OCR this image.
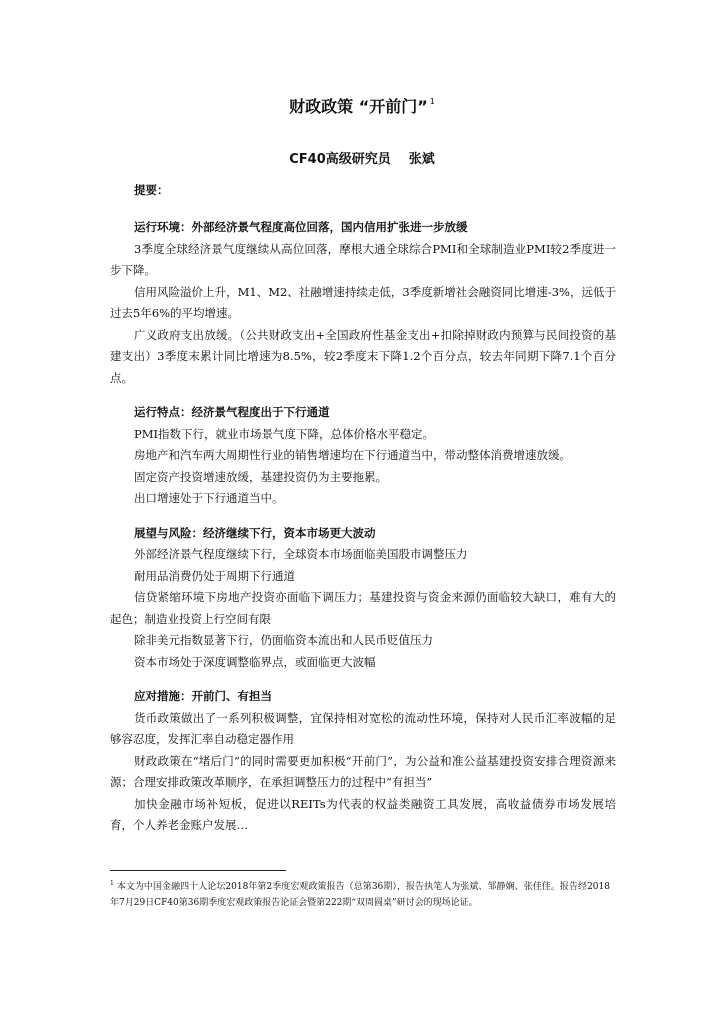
财政政策 “开前门” $^1$
CF40高级研究员 张斌
提要：
运行环境：外部经济景气程度高位回落，国内信用扩张进一步放缓

3季度全球经济景气度继续从高位回落，摩根大通全球综合PMI和全球制造业PMI较2季度进一步下降。

信用风险溢价上升，M1、M2、社融增速持续走低，3季度新增社会融资同比增速-3%，远低于过去5年6%的平均增速。

广义政府支出放缓。（公共财政支出+全国政府性基金支出+扣除掉财政内预算与民间投资的基建支出）3季度末累计同比增速为8.5%，较2季度末下降1.2个百分点，较去年同期下降7.1个百分点。

运行特点：经济景气程度出于下行通道

PMI指数下行，就业市场景气度下降，总体价格水平稳定。

房地产和汽车两大周期性行业的销售增速均在下行通道当中，带动整体消费增速放缓。

固定资产投资增速放缓，基建投资仍为主要拖累。

出口增速处于下行通道当中。

展望与风险：经济继续下行，资本市场更大波动

外部经济景气程度继续下行，全球资本市场面临美国股市调整压力

耐用品消费仍处于周期下行通道

信贷紧缩环境下房地产投资亦面临下调压力；基建投资与资金来源仍面临较大缺口，难有大的起色；制造业投资上行空间有限

除非美元指数显著下行，仍面临资本流出和人民币贬值压力

资本市场处于深度调整临界点，或面临更大波幅

应对措施：开前门、有担当

货币政策做出了一系列积极调整，宜保持相对宽松的流动性环境，保持对人民币汇率波幅的足够容忍度，发挥汇率自动稳定器作用

财政政策在“堵后门”的同时需要更加积极“开前门”，为公益和准公益基建投资安排合理资源来源；合理安排政策改革顺序，在承担调整压力的过程中“有担当”

加快金融市场补短板，促进以REITs为代表的权益类融资工具发展，高收益债券市场发展培育，个人养老金账户发展…

$^1$ 本文为中国金融四十人论坛2018年第2季度宏观政策报告（总第36期），报告执笔人为张斌、邹静娴、张佳佳。报告经2018年7月29日CF40第36期季度宏观政策报告论证会暨第222期“双周圆桌”研讨会的现场论证。
